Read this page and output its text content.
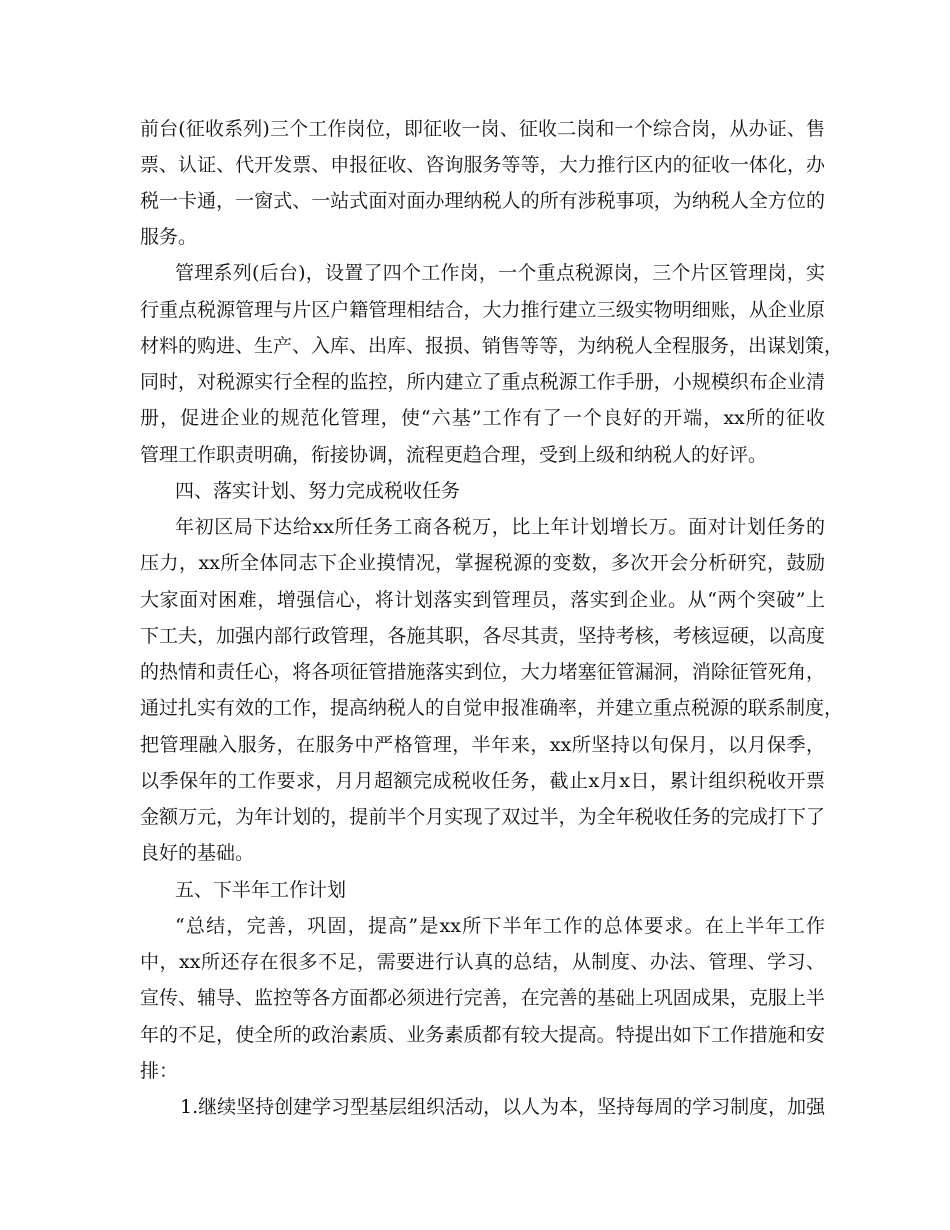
前台(征收系列)三个工作岗位，即征收一岗、征收二岗和一个综合岗，从办证、售
票、认证、代开发票、申报征收、咨询服务等等，大力推行区内的征收一体化，办
税一卡通，一窗式、一站式面对面办理纳税人的所有涉税事项，为纳税人全方位的
服务。
管理系列(后台)，设置了四个工作岗，一个重点税源岗，三个片区管理岗，实
行重点税源管理与片区户籍管理相结合，大力推行建立三级实物明细账，从企业原
材料的购进、生产、入库、出库、报损、销售等等，为纳税人全程服务，出谋划策，
同时，对税源实行全程的监控，所内建立了重点税源工作手册，小规模织布企业清
册，促进企业的规范化管理，使“六基”工作有了一个良好的开端，xx所的征收
管理工作职责明确，衔接协调，流程更趋合理，受到上级和纳税人的好评。
四、落实计划、努力完成税收任务
年初区局下达给xx所任务工商各税万，比上年计划增长万。面对计划任务的
压力，xx所全体同志下企业摸情况，掌握税源的变数，多次开会分析研究，鼓励
大家面对困难，增强信心，将计划落实到管理员，落实到企业。从“两个突破”上
下工夫，加强内部行政管理，各施其职，各尽其责，坚持考核，考核逗硬，以高度
的热情和责任心，将各项征管措施落实到位，大力堵塞征管漏洞，消除征管死角，
通过扎实有效的工作，提高纳税人的自觉申报准确率，并建立重点税源的联系制度，
把管理融入服务，在服务中严格管理，半年来，xx所坚持以旬保月，以月保季，
以季保年的工作要求，月月超额完成税收任务，截止x月x日，累计组织税收开票
金额万元，为年计划的，提前半个月实现了双过半，为全年税收任务的完成打下了
良好的基础。
五、下半年工作计划
“总结，完善，巩固，提高”是xx所下半年工作的总体要求。在上半年工作
中，xx所还存在很多不足，需要进行认真的总结，从制度、办法、管理、学习、
宣传、辅导、监控等各方面都必须进行完善，在完善的基础上巩固成果，克服上半
年的不足，使全所的政治素质、业务素质都有较大提高。特提出如下工作措施和安
排：
1.继续坚持创建学习型基层组织活动，以人为本，坚持每周的学习制度，加强
